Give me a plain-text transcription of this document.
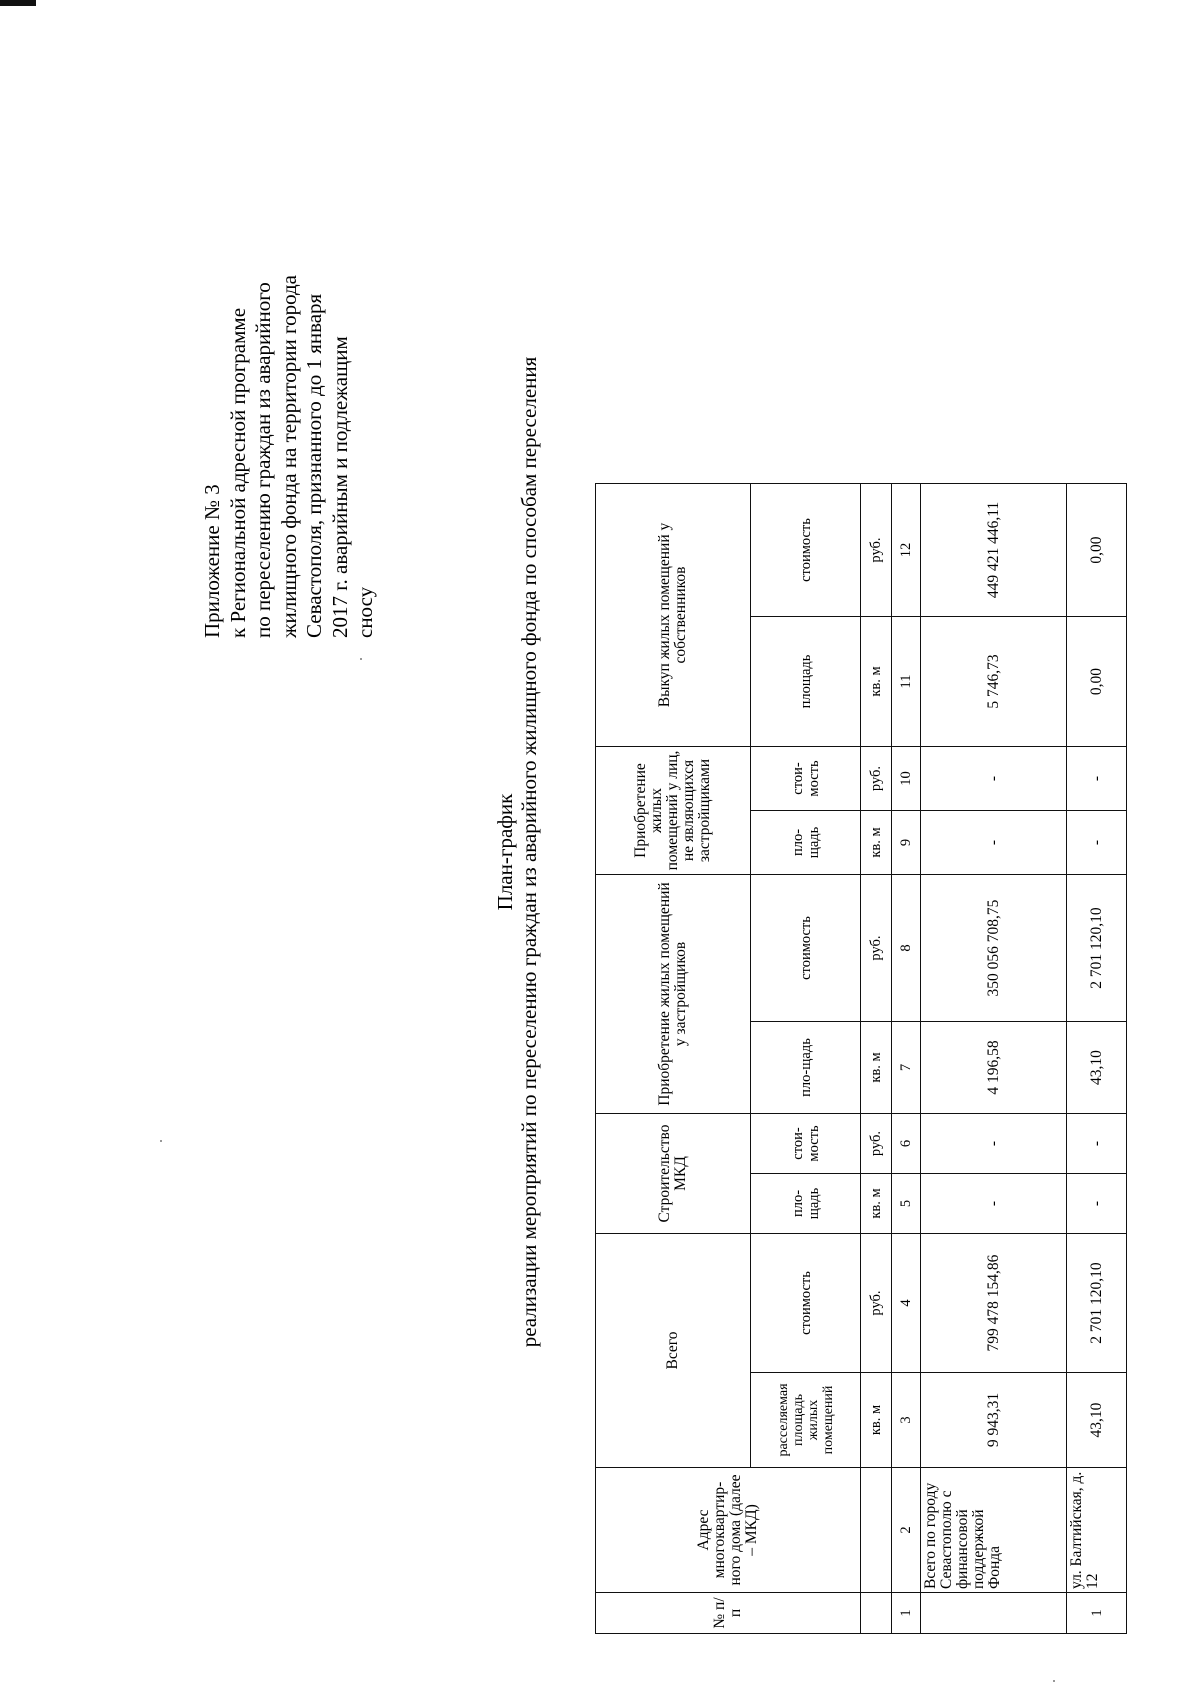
Приложение № 3 к Региональной адресной программе по переселению граждан из аварийного жилищного фонда на территории города Севастополя, признанного до 1 января 2017 г. аварийным и подлежащим сносу
План-график реализации мероприятий по переселению граждан из аварийного жилищного фонда по способам переселения
№ п/п	Адрес многоквартир-ного дома (далее – МКД)	Всего		Строительство МКД		Приобретение жилых помещений у застройщиков		Приобретение жилых помещений у лиц, не являющихся застройщиками		Выкуп жилых помещений у собственников	
		расселяемая площадь жилых помещений	стоимость	пло-щадь	стои-мость	пло-щадь	стоимость	пло-щадь	стои-мость	площадь	стоимость
		кв. м	руб.	кв. м	руб.	кв. м	руб.	кв. м	руб.	кв. м	руб.
1	2	3	4	5	6	7	8	9	10	11	12
	Всего по городу Севастополю с финансовой поддержкой Фонда	9 943,31	799 478 154,86	-	-	4 196,58	350 056 708,75	-	-	5 746,73	449 421 446,11
1	ул. Балтийская, д. 12	43,10	2 701 120,10	-	-	43,10	2 701 120,10	-	-	0,00	0,00
